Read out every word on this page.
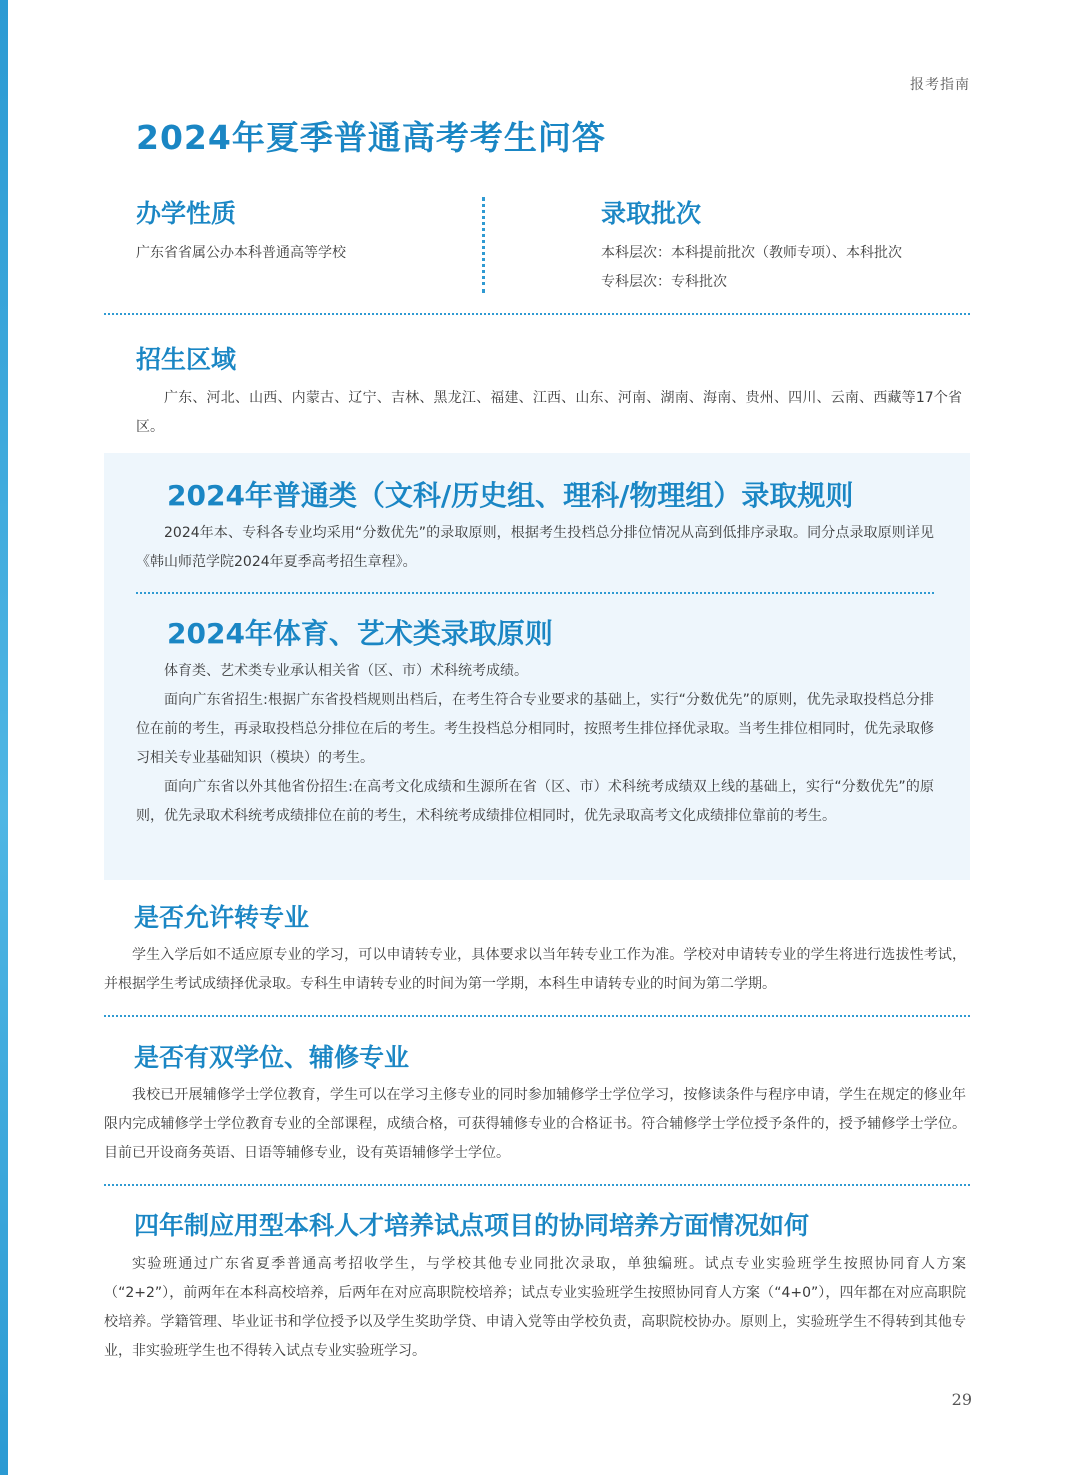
报考指南
2024年夏季普通高考考生问答
办学性质
广东省省属公办本科普通高等学校
录取批次
本科层次：本科提前批次（教师专项）、本科批次
专科层次：专科批次
招生区域
广东、河北、山西、内蒙古、辽宁、吉林、黑龙江、福建、江西、山东、河南、湖南、海南、贵州、四川、云南、西藏等17个省区。
2024年普通类（文科/历史组、理科/物理组）录取规则
2024年本、专科各专业均采用“分数优先”的录取原则，根据考生投档总分排位情况从高到低排序录取。同分点录取原则详见《韩山师范学院2024年夏季高考招生章程》。
2024年体育、艺术类录取原则
体育类、艺术类专业承认相关省（区、市）术科统考成绩。
面向广东省招生:根据广东省投档规则出档后，在考生符合专业要求的基础上，实行“分数优先”的原则，优先录取投档总分排位在前的考生，再录取投档总分排位在后的考生。考生投档总分相同时，按照考生排位择优录取。当考生排位相同时，优先录取修习相关专业基础知识（模块）的考生。
面向广东省以外其他省份招生:在高考文化成绩和生源所在省（区、市）术科统考成绩双上线的基础上，实行“分数优先”的原则，优先录取术科统考成绩排位在前的考生，术科统考成绩排位相同时，优先录取高考文化成绩排位靠前的考生。
是否允许转专业
学生入学后如不适应原专业的学习，可以申请转专业，具体要求以当年转专业工作为准。学校对申请转专业的学生将进行选拔性考试，并根据学生考试成绩择优录取。专科生申请转专业的时间为第一学期，本科生申请转专业的时间为第二学期。
是否有双学位、辅修专业
我校已开展辅修学士学位教育，学生可以在学习主修专业的同时参加辅修学士学位学习，按修读条件与程序申请，学生在规定的修业年限内完成辅修学士学位教育专业的全部课程，成绩合格，可获得辅修专业的合格证书。符合辅修学士学位授予条件的，授予辅修学士学位。目前已开设商务英语、日语等辅修专业，设有英语辅修学士学位。
四年制应用型本科人才培养试点项目的协同培养方面情况如何
实验班通过广东省夏季普通高考招收学生，与学校其他专业同批次录取，单独编班。试点专业实验班学生按照协同育人方案（“2+2”），前两年在本科高校培养，后两年在对应高职院校培养；试点专业实验班学生按照协同育人方案（“4+0”），四年都在对应高职院校培养。学籍管理、毕业证书和学位授予以及学生奖助学贷、申请入党等由学校负责，高职院校协办。原则上，实验班学生不得转到其他专业，非实验班学生也不得转入试点专业实验班学习。
29
